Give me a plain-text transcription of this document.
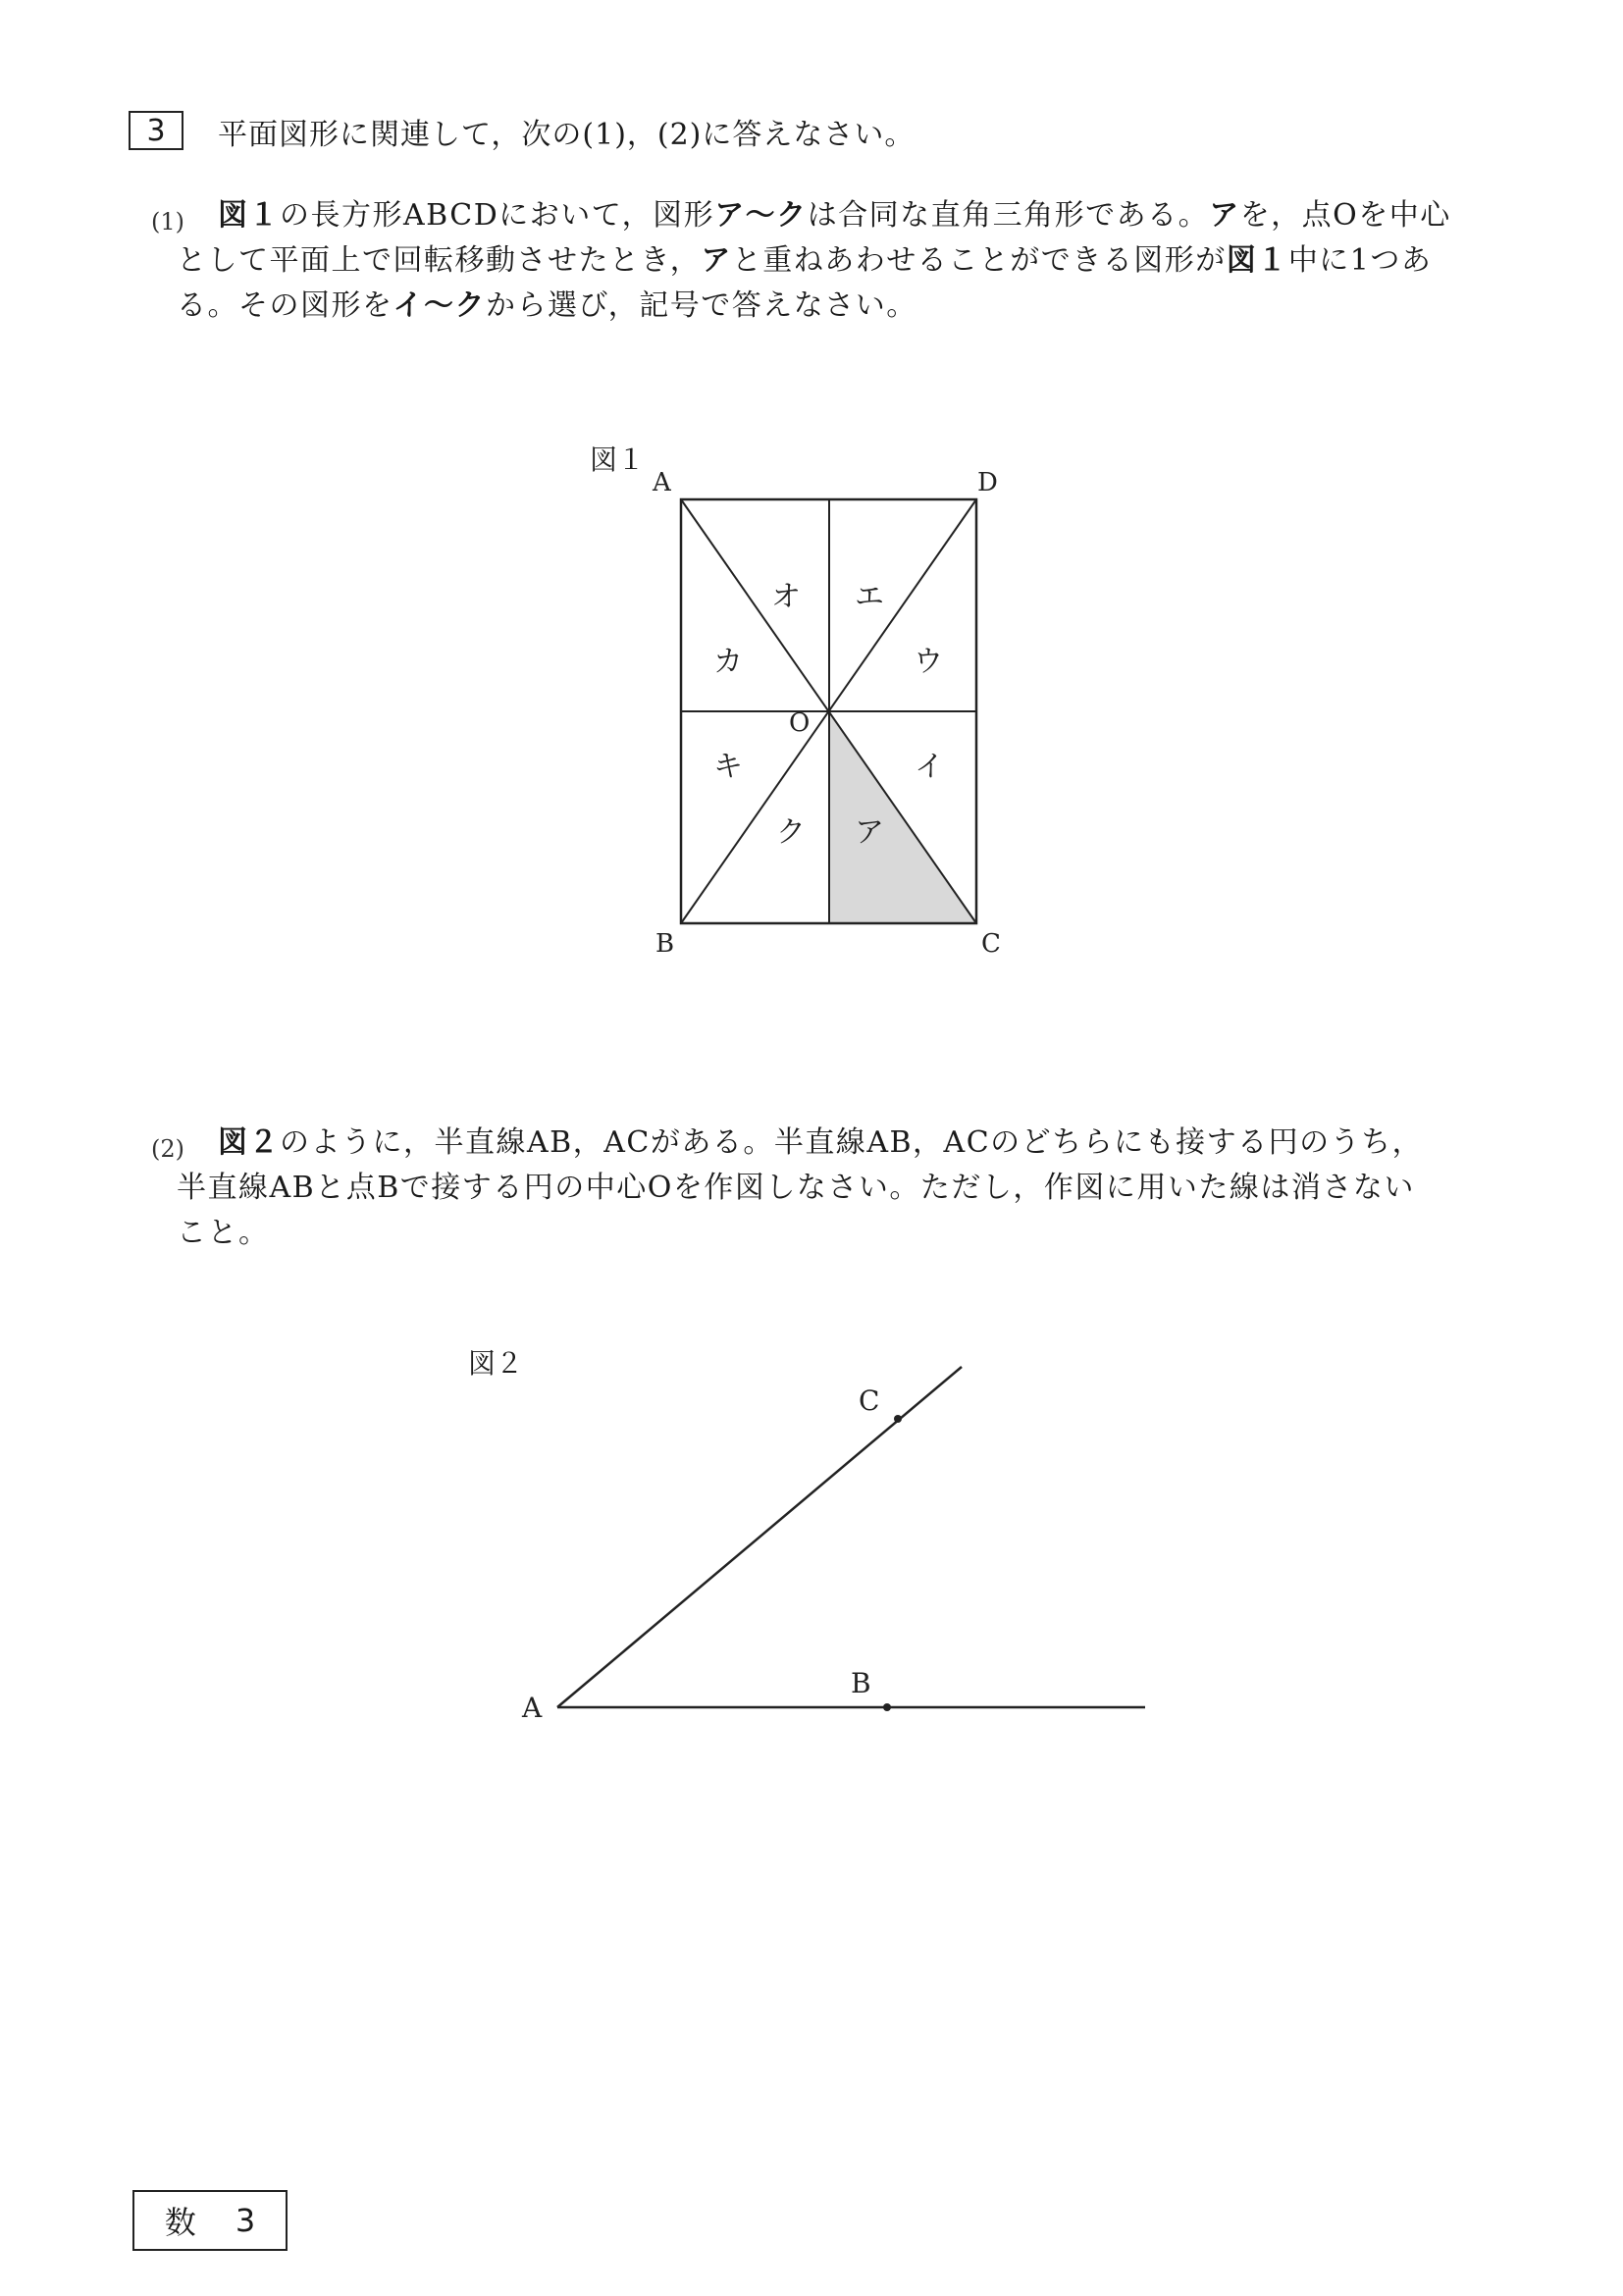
3 平面図形に関連して，次の(1)，(2)に答えなさい。
(1) 図１の長方形ABCDにおいて，図形ア〜クは合同な直角三角形である。アを，点Oを中心
として平面上で回転移動させたとき，アと重ねあわせることができる図形が図１中に1つあ
る。その図形をイ〜クから選び，記号で答えなさい。
図１
A	D
B	C
O
オ エ
カ	ウ
キ	イ
ク ア
(2) 図２のように，半直線AB，ACがある。半直線AB，ACのどちらにも接する円のうち，
半直線ABと点Bで接する円の中心Oを作図しなさい。ただし，作図に用いた線は消さない
こと。
図２
A
B
C
数 3
